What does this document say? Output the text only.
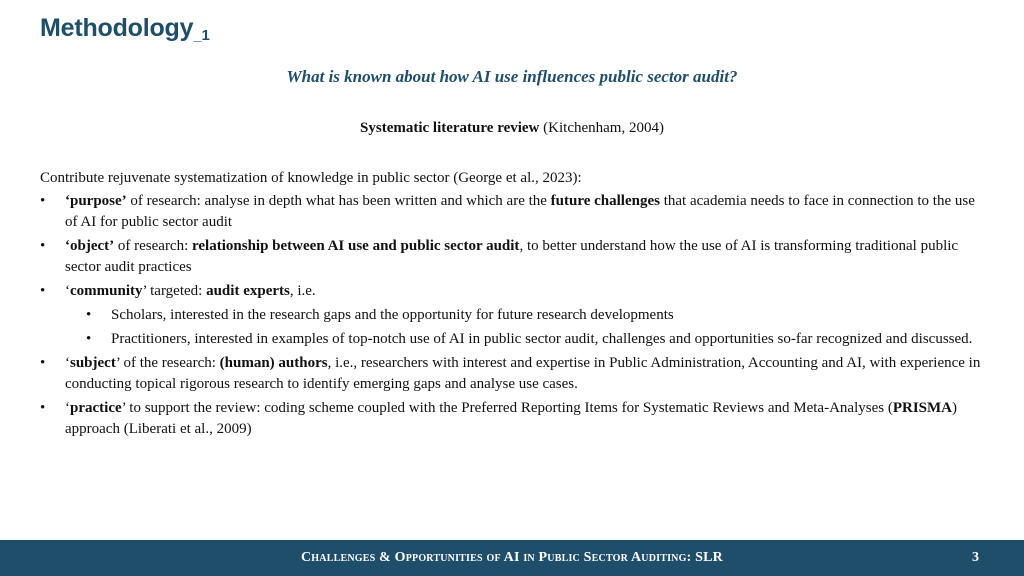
Methodology$_{\_1}$
What is known about how AI use influences public sector audit?
Systematic literature review (Kitchenham, 2004)

Contribute rejuvenate systematization of knowledge in public sector (George et al., 2023):

• ‘purpose’ of research: analyse in depth what has been written and which are the future challenges that academia needs to face in connection to the use of AI for public sector audit
• ‘object’ of research: relationship between AI use and public sector audit, to better understand how the use of AI is transforming traditional public sector audit practices
• ‘community’ targeted: audit experts, i.e.
• Scholars, interested in the research gaps and the opportunity for future research developments
• Practitioners, interested in examples of top-notch use of AI in public sector audit, challenges and opportunities so-far recognized and discussed.
• ‘subject’ of the research: (human) authors, i.e., researchers with interest and expertise in Public Administration, Accounting and AI, with experience in conducting topical rigorous research to identify emerging gaps and analyse use cases.
• ‘practice’ to support the review: coding scheme coupled with the Preferred Reporting Items for Systematic Reviews and Meta-Analyses (PRISMA) approach (Liberati et al., 2009)
Challenges & Opportunities of AI in Public Sector Auditing: SLR	3
